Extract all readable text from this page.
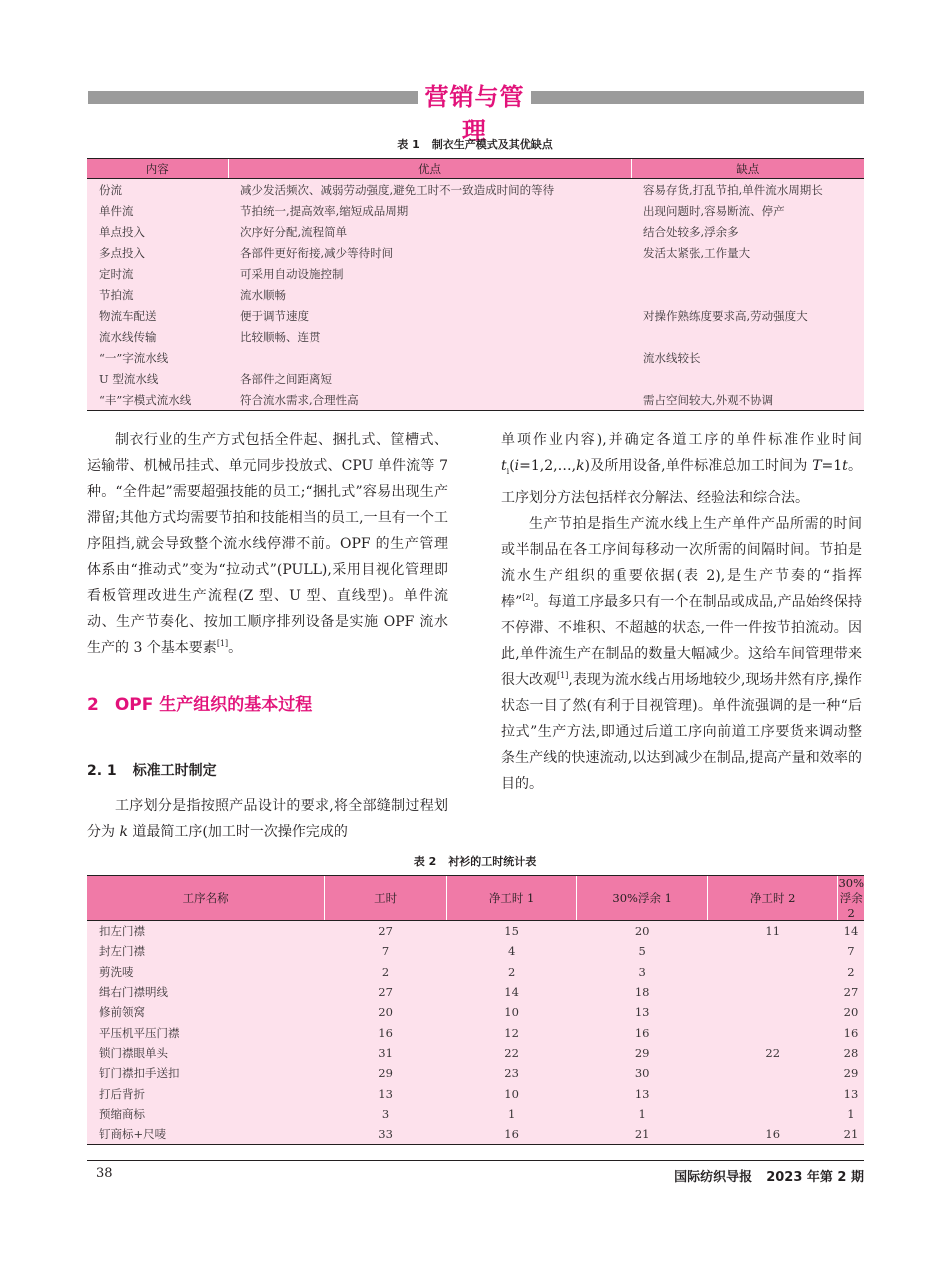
营销与管理
表 1 制衣生产模式及其优缺点
内容	优点	缺点
份流	减少发活频次、减弱劳动强度,避免工时不一致造成时间的等待	容易存货,打乱节拍,单件流水周期长
单件流	节拍统一,提高效率,缩短成品周期	出现问题时,容易断流、停产
单点投入	次序好分配,流程简单	结合处较多,浮余多
多点投入	各部件更好衔接,减少等待时间	发活太紧张,工作量大
定时流	可采用自动设施控制	
节拍流	流水顺畅	
物流车配送	便于调节速度	对操作熟练度要求高,劳动强度大
流水线传输	比较顺畅、连贯	
“一”字流水线		流水线较长
U 型流水线	各部件之间距离短	
“丰”字模式流水线	符合流水需求,合理性高	需占空间较大,外观不协调

制衣行业的生产方式包括全件起、捆扎式、筐槽式、运输带、机械吊挂式、单元同步投放式、CPU 单件流等 7 种。“全件起”需要超强技能的员工;“捆扎式”容易出现生产滞留;其他方式均需要节拍和技能相当的员工,一旦有一个工序阻挡,就会导致整个流水线停滞不前。OPF 的生产管理体系由“推动式”变为“拉动式”(PULL),采用目视化管理即看板管理改进生产流程(Z 型、U 型、直线型)。单件流动、生产节奏化、按加工顺序排列设备是实施 OPF 流水生产的 3 个基本要素[1]。

2 OPF 生产组织的基本过程
2. 1 标准工时制定

工序划分是指按照产品设计的要求,将全部缝制过程划分为 k 道最简工序(加工时一次操作完成的

单项作业内容),并确定各道工序的单件标准作业时间 $t_i(i=1,2,\dots,k)$及所用设备,单件标准总加工时间为 T=1t。工序划分方法包括样衣分解法、经验法和综合法。

生产节拍是指生产流水线上生产单件产品所需的时间或半制品在各工序间每移动一次所需的间隔时间。节拍是流水生产组织的重要依据(表 2),是生产节奏的“指挥棒”[2]。每道工序最多只有一个在制品或成品,产品始终保持不停滞、不堆积、不超越的状态,一件一件按节拍流动。因此,单件流生产在制品的数量大幅减少。这给车间管理带来很大改观[1],表现为流水线占用场地较少,现场井然有序,操作状态一目了然(有利于目视管理)。单件流强调的是一种“后拉式”生产方法,即通过后道工序向前道工序要货来调动整条生产线的快速流动,以达到减少在制品,提高产量和效率的目的。

表 2 衬衫的工时统计表
工序名称	工时	净工时 1	30%浮余 1	净工时 2	30%浮余 2
扣左门襟	27	15	20	11	14
封左门襟	7	4	5		7
剪洗唛	2	2	3		2
缉右门襟明线	27	14	18		27
修前领窝	20	10	13		20
平压机平压门襟	16	12	16		16
锁门襟眼单头	31	22	29	22	28
钉门襟扣手送扣	29	23	30		29
打后背折	13	10	13		13
预缩商标	3	1	1		1
钉商标+尺唛	33	16	21	16	21
38	国际纺织导报 2023 年第 2 期
